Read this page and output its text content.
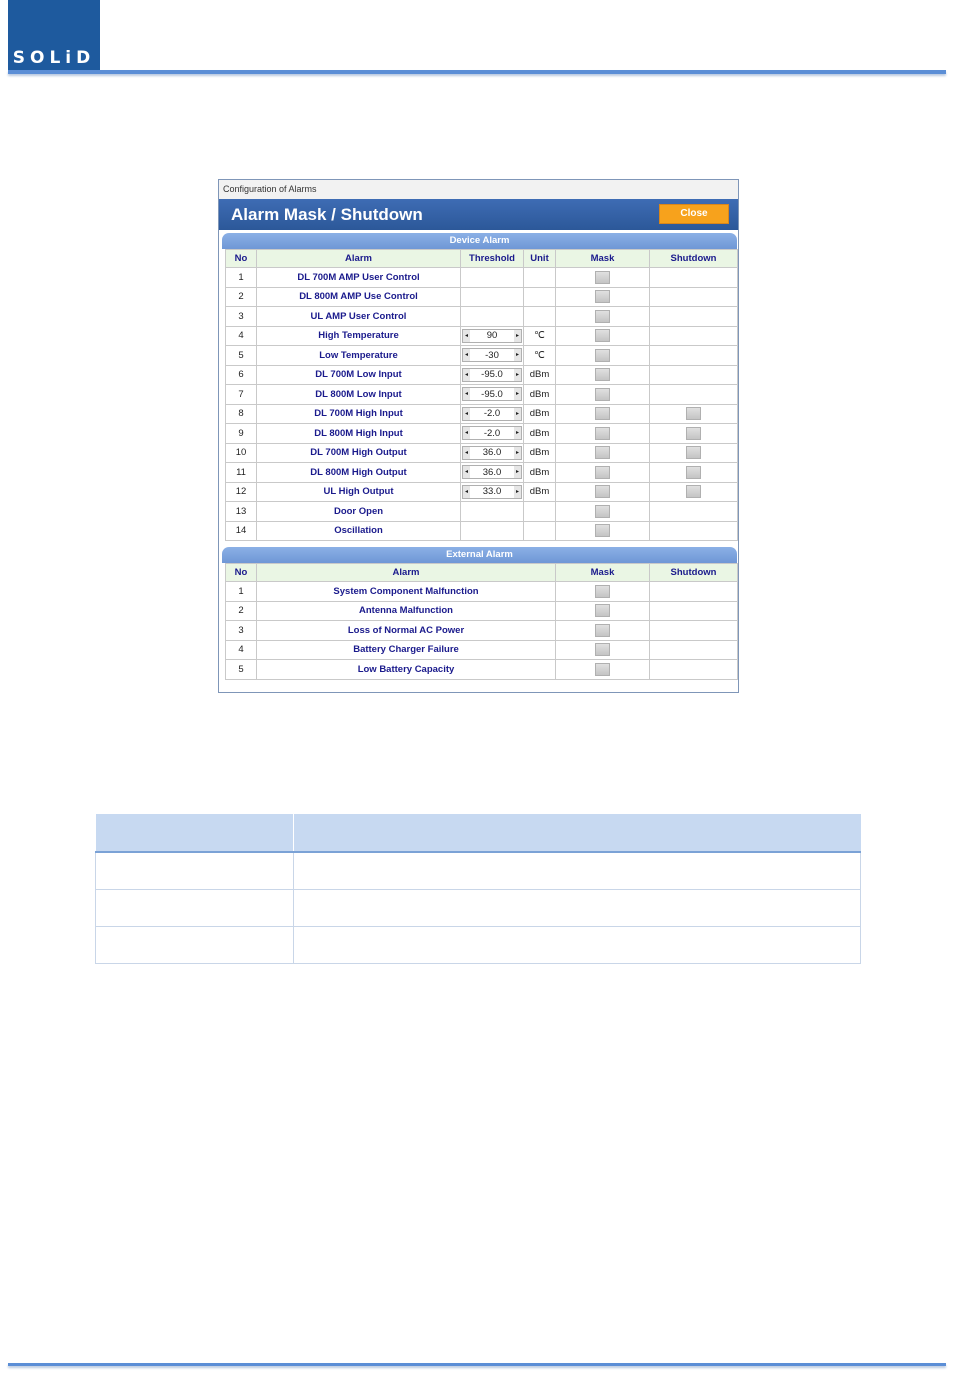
SOLiD
Configuration of Alarms
Alarm Mask / Shutdown	Close
Device Alarm
No	Alarm	Threshold	Unit	Mask	Shutdown
1	DL 700M AMP User Control				
2	DL 800M AMP Use Control				
3	UL AMP User Control				
4	High Temperature	◂ 90 ▸	℃		
5	Low Temperature	◂ -30 ▸	℃		
6	DL 700M Low Input	◂ -95.0 ▸	dBm		
7	DL 800M Low Input	◂ -95.0 ▸	dBm		
8	DL 700M High Input	◂ -2.0 ▸	dBm		
9	DL 800M High Input	◂ -2.0 ▸	dBm		
10	DL 700M High Output	◂ 36.0 ▸	dBm		
11	DL 800M High Output	◂ 36.0 ▸	dBm		
12	UL High Output	◂ 33.0 ▸	dBm		
13	Door Open				
14	Oscillation				
External Alarm
No	Alarm	Mask	Shutdown
1	System Component Malfunction		
2	Antenna Malfunction		
3	Loss of Normal AC Power		
4	Battery Charger Failure		
5	Low Battery Capacity		
